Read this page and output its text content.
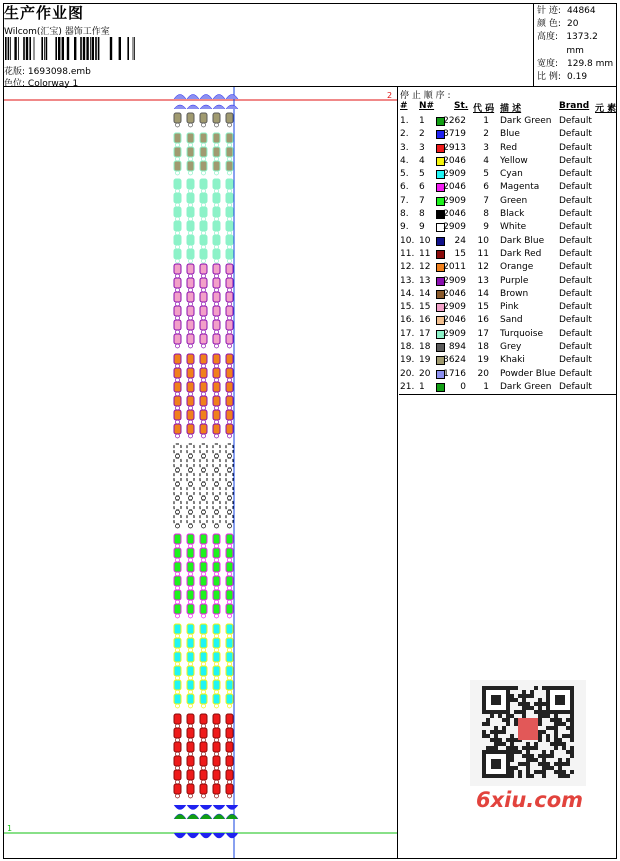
生产作业图
Wilcom(汇宝) 器饰工作室
花版: 1693098.emb
色位: Colorway 1
针 迹: 44864
颜 色: 20
高度: 1373.2 mm
宽度: 129.8 mm
比 例: 0.19
2
1
停 止 顺 序 :
# N# St. 代 码 描 述	Brand 元 素
1. 1 2262 1 Dark Green Default
2. 2 3719 2 Blue	Default
3. 3 2913 3 Red	Default
4. 4 2046 4 Yellow	Default
5. 5 2909 5 Cyan	Default
6. 6 2046 6 Magenta Default
7. 7 2909 7 Green	Default
8. 8 2046 8 Black	Default
9. 9 2909 9 White	Default
10. 10	24 10 Dark Blue Default
11. 11	15 11 Dark Red Default
12. 12 2011 12 Orange	Default
13. 13 2909 13 Purple	Default
14. 14 2046 14 Brown	Default
15. 15 2909 15 Pink	Default
16. 16 2046 16 Sand	Default
17. 17 2909 17 Turquoise Default
18. 18 894 18 Grey	Default
19. 19 3624 19 Khaki	Default
20. 20 1716 20 Powder Blue Default
21. 1	0 1 Dark Green Default
6xiu.com
